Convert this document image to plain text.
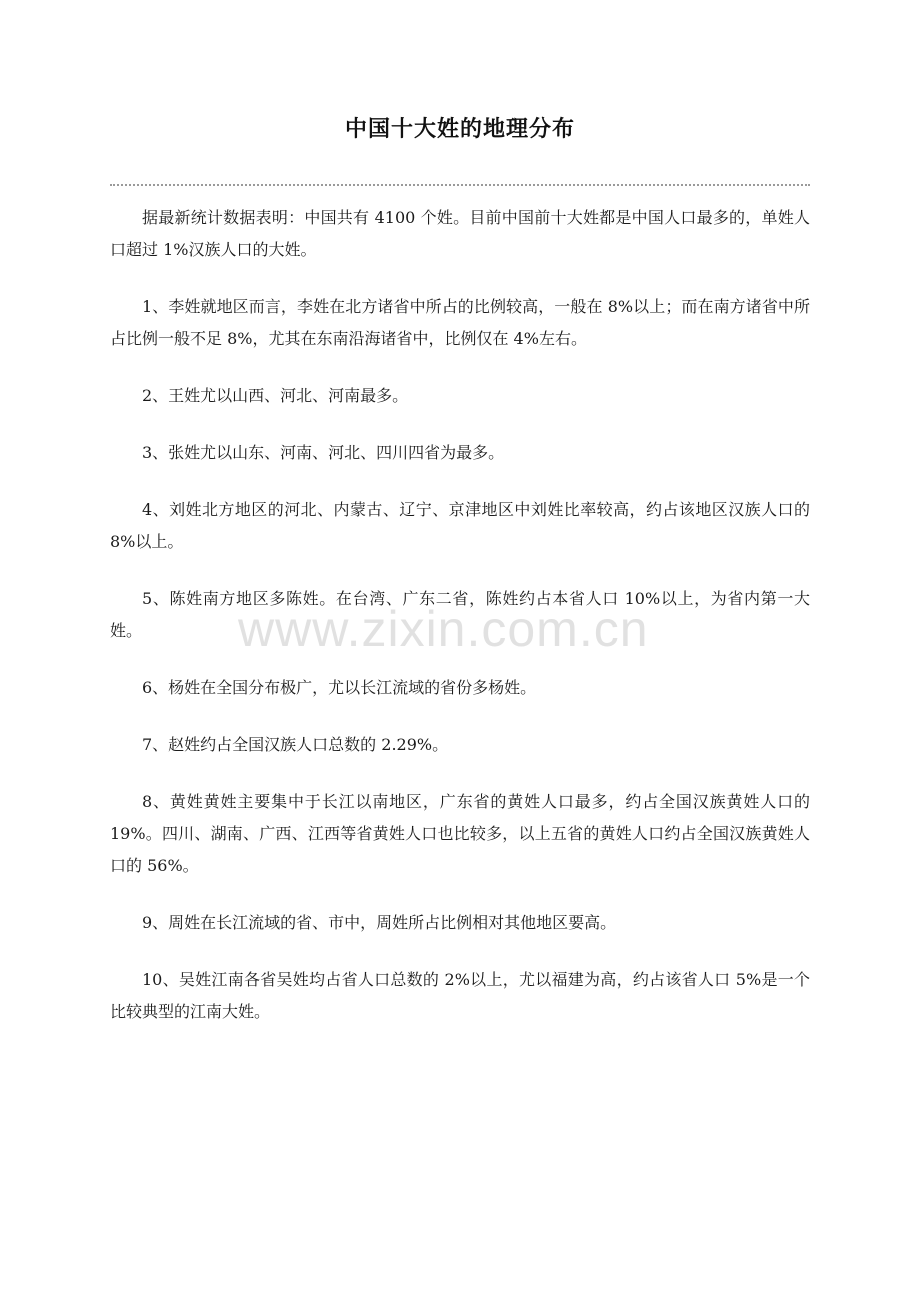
中国十大姓的地理分布

据最新统计数据表明：中国共有 4100 个姓。目前中国前十大姓都是中国人口最多的，单姓人口超过 1%汉族人口的大姓。

1、李姓就地区而言，李姓在北方诸省中所占的比例较高，一般在 8%以上；而在南方诸省中所占比例一般不足 8%，尤其在东南沿海诸省中，比例仅在 4%左右。

2、王姓尤以山西、河北、河南最多。

3、张姓尤以山东、河南、河北、四川四省为最多。

4、刘姓北方地区的河北、内蒙古、辽宁、京津地区中刘姓比率较高，约占该地区汉族人口的 8%以上。

5、陈姓南方地区多陈姓。在台湾、广东二省，陈姓约占本省人口 10%以上，为省内第一大姓。

6、杨姓在全国分布极广，尤以长江流域的省份多杨姓。

7、赵姓约占全国汉族人口总数的 2.29%。

8、黄姓黄姓主要集中于长江以南地区，广东省的黄姓人口最多，约占全国汉族黄姓人口的 19%。四川、湖南、广西、江西等省黄姓人口也比较多，以上五省的黄姓人口约占全国汉族黄姓人口的 56%。

9、周姓在长江流域的省、市中，周姓所占比例相对其他地区要高。

10、吴姓江南各省吴姓均占省人口总数的 2%以上，尤以福建为高，约占该省人口 5%是一个比较典型的江南大姓。

www.zixin.com.cn
